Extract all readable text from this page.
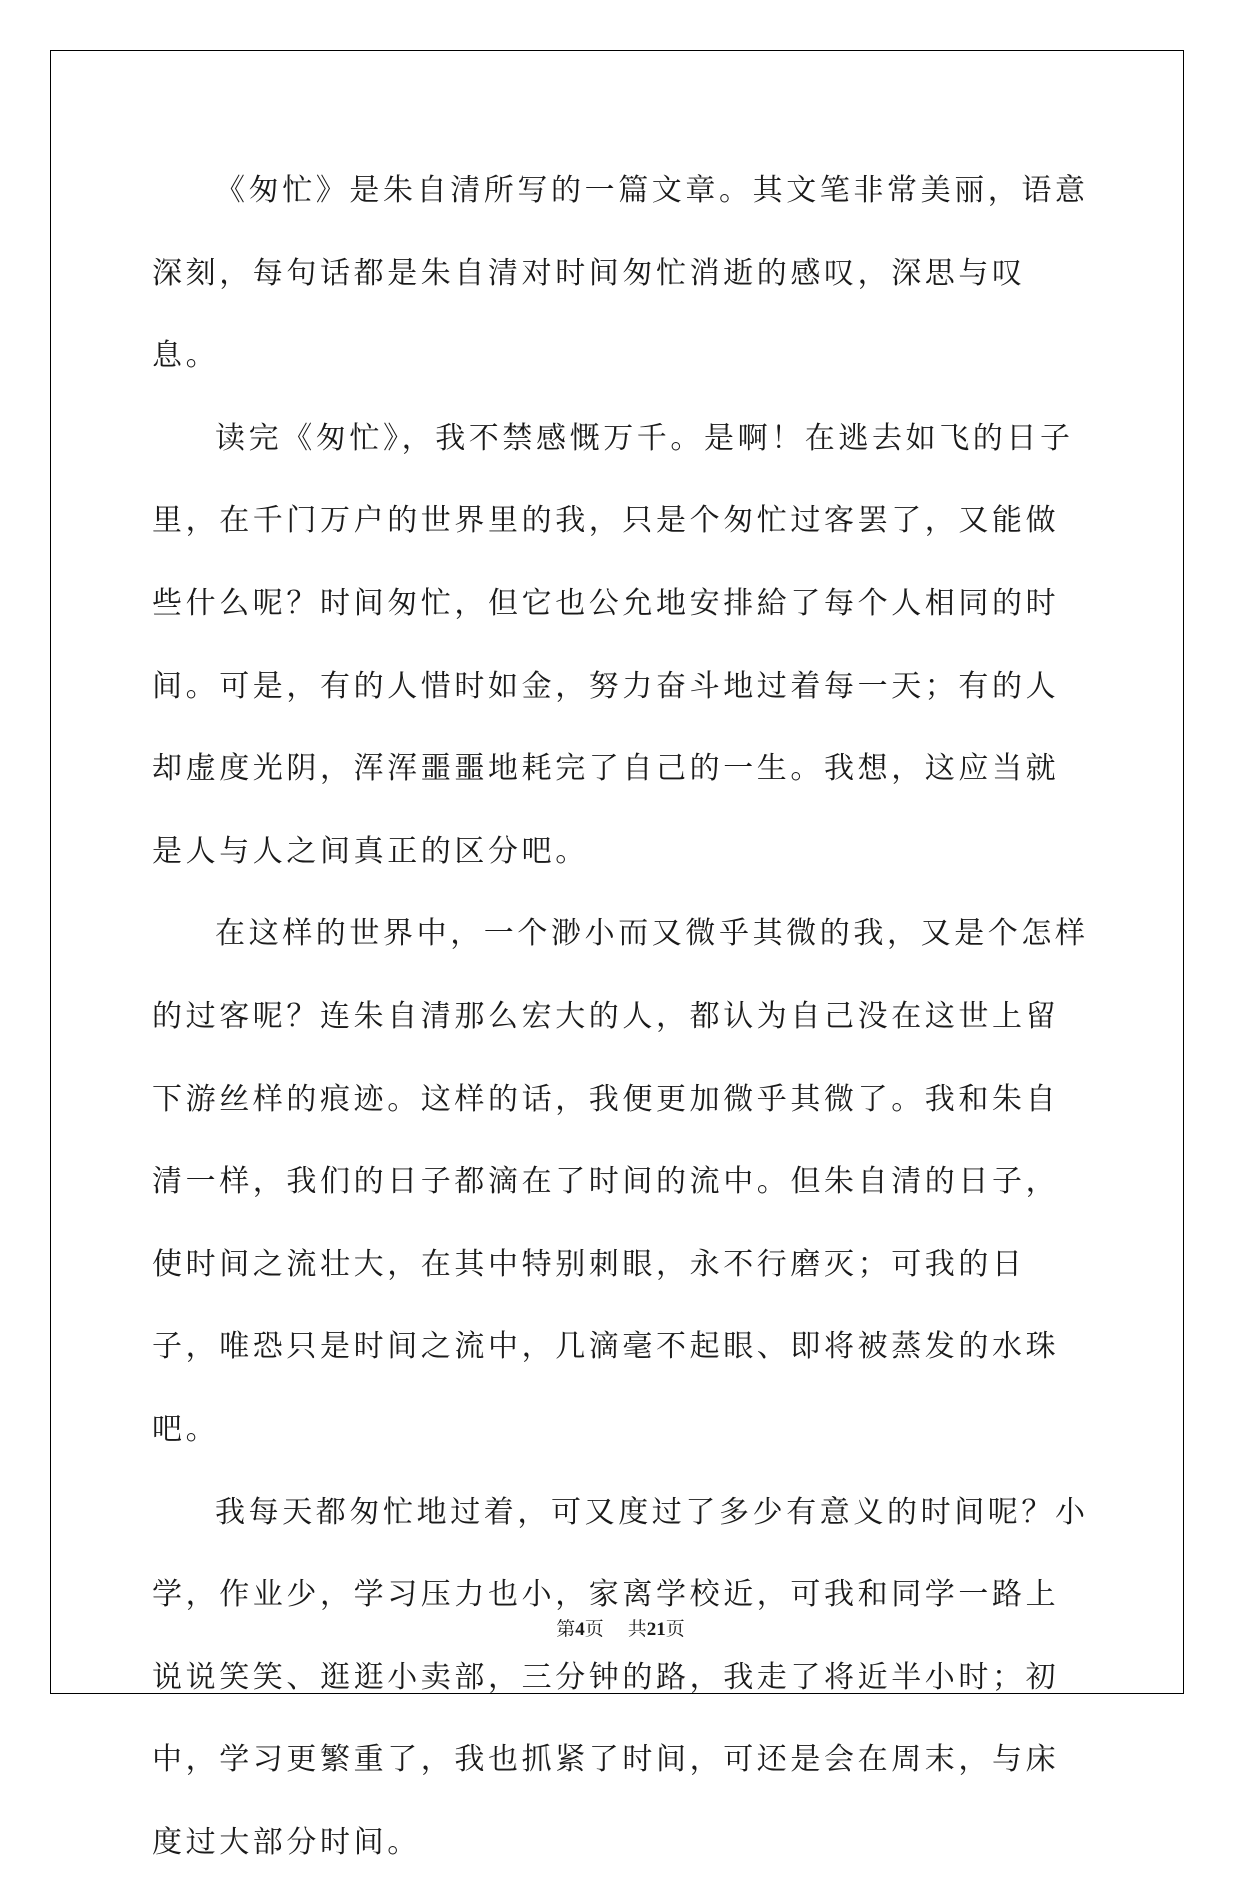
《匆忙》是朱自清所写的一篇文章。其文笔非常美丽，语意深刻，每句话都是朱自清对时间匆忙消逝的感叹，深思与叹息。

读完《匆忙》，我不禁感慨万千。是啊！在逃去如飞的日子里，在千门万户的世界里的我，只是个匆忙过客罢了，又能做些什么呢？时间匆忙，但它也公允地安排給了每个人相同的时间。可是，有的人惜时如金，努力奋斗地过着每一天；有的人却虚度光阴，浑浑噩噩地耗完了自己的一生。我想，这应当就是人与人之间真正的区分吧。

在这样的世界中，一个渺小而又微乎其微的我，又是个怎样的过客呢？连朱自清那么宏大的人，都认为自己没在这世上留下游丝样的痕迹。这样的话，我便更加微乎其微了。我和朱自清一样，我们的日子都滴在了时间的流中。但朱自清的日子，使时间之流壮大，在其中特别刺眼，永不行磨灭；可我的日子，唯恐只是时间之流中，几滴毫不起眼、即将被蒸发的水珠吧。

我每天都匆忙地过着，可又度过了多少有意义的时间呢？小学，作业少，学习压力也小，家离学校近，可我和同学一路上说说笑笑、逛逛小卖部，三分钟的路，我走了将近半小时；初中，学习更繁重了，我也抓紧了时间，可还是会在周末，与床度过大部分时间。

第4页 共21页
